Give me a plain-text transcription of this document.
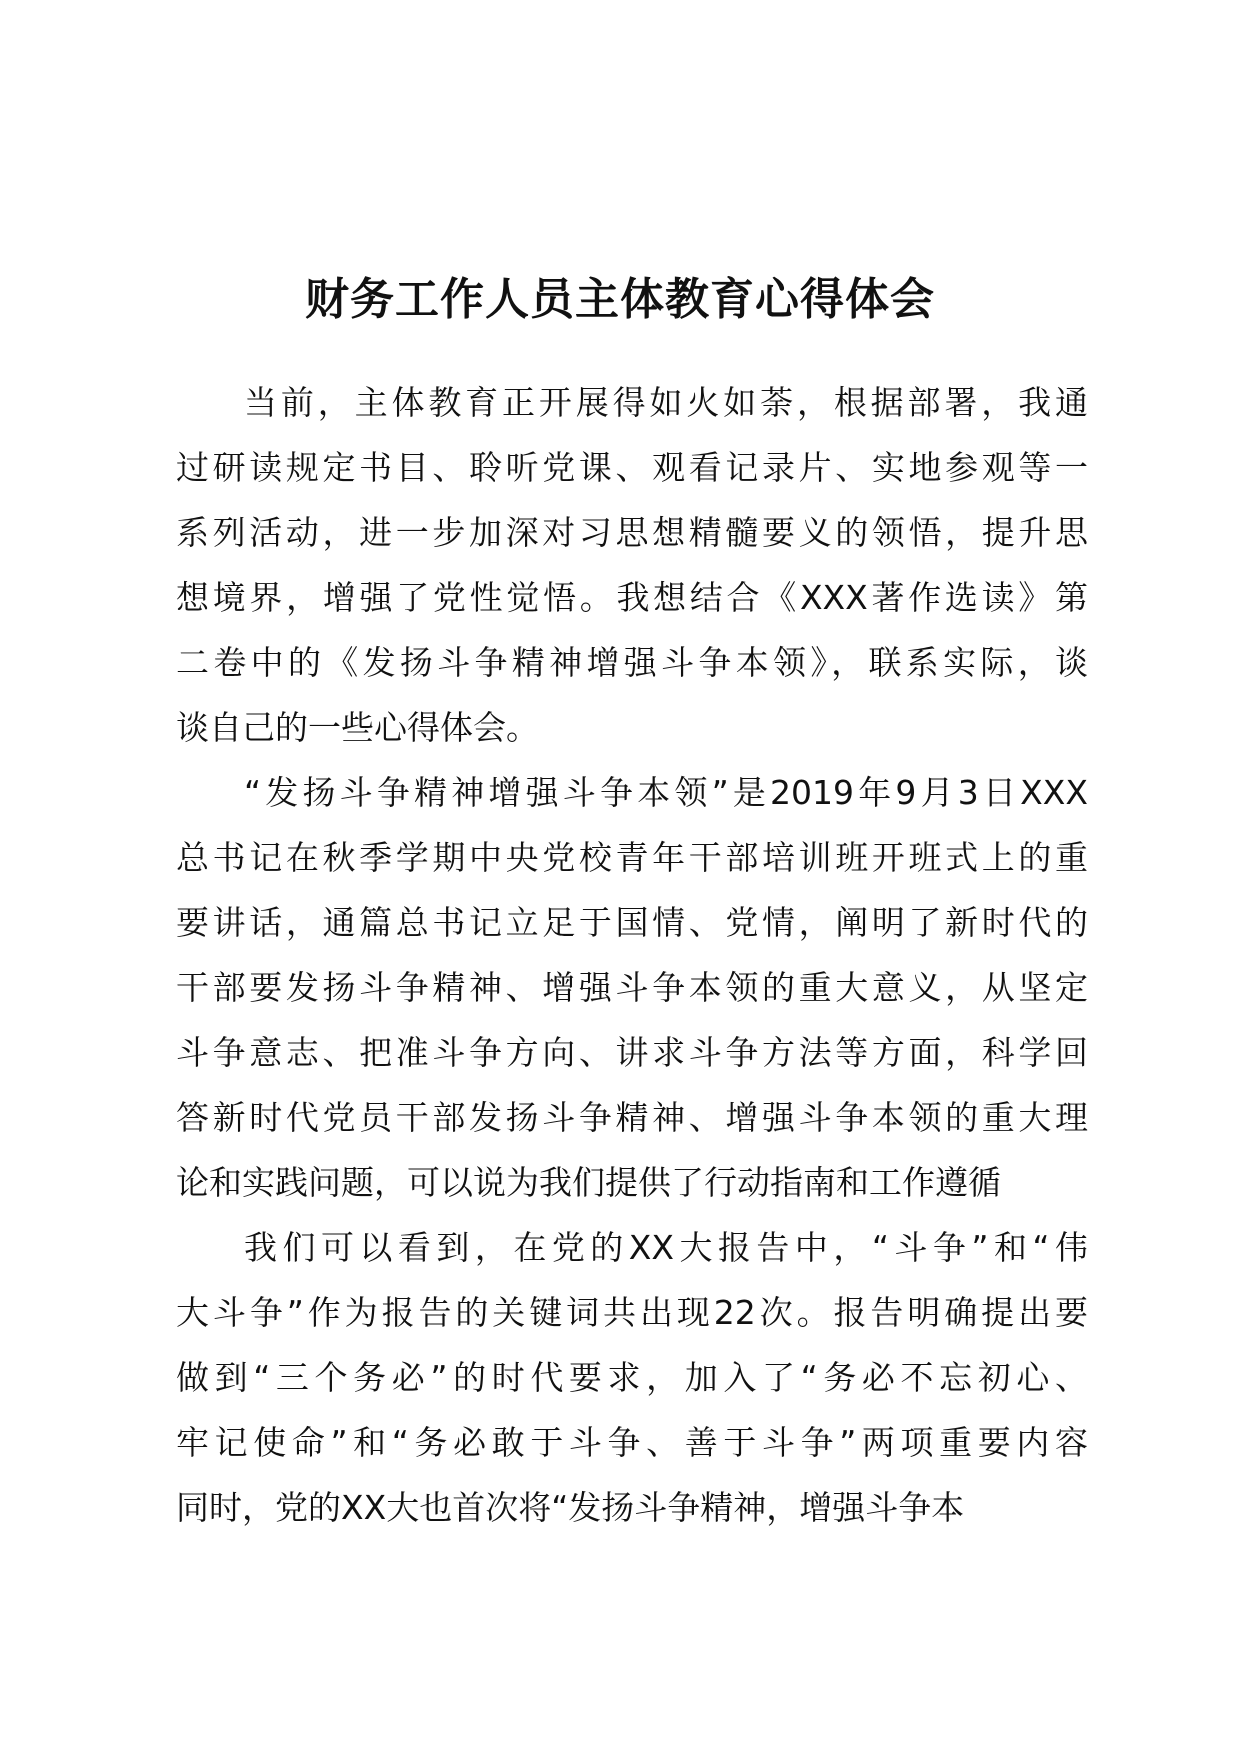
财务工作人员主体教育心得体会
当前，主体教育正开展得如火如荼，根据部署，我通
过研读规定书目、聆听党课、观看记录片、实地参观等一
系列活动，进一步加深对习思想精髓要义的领悟，提升思
想境界，增强了党性觉悟。我想结合《XXX著作选读》第
二卷中的《发扬斗争精神增强斗争本领》，联系实际，谈
谈自己的一些心得体会。
“发扬斗争精神增强斗争本领”是2019年9月3日XXX
总书记在秋季学期中央党校青年干部培训班开班式上的重
要讲话，通篇总书记立足于国情、党情，阐明了新时代的
干部要发扬斗争精神、增强斗争本领的重大意义，从坚定
斗争意志、把准斗争方向、讲求斗争方法等方面，科学回
答新时代党员干部发扬斗争精神、增强斗争本领的重大理
论和实践问题，可以说为我们提供了行动指南和工作遵循
我们可以看到，在党的XX大报告中，“斗争”和“伟
大斗争”作为报告的关键词共出现22次。报告明确提出要
做到“三个务必”的时代要求，加入了“务必不忘初心、
牢记使命”和“务必敢于斗争、善于斗争”两项重要内容
同时，党的XX大也首次将“发扬斗争精神，增强斗争本
